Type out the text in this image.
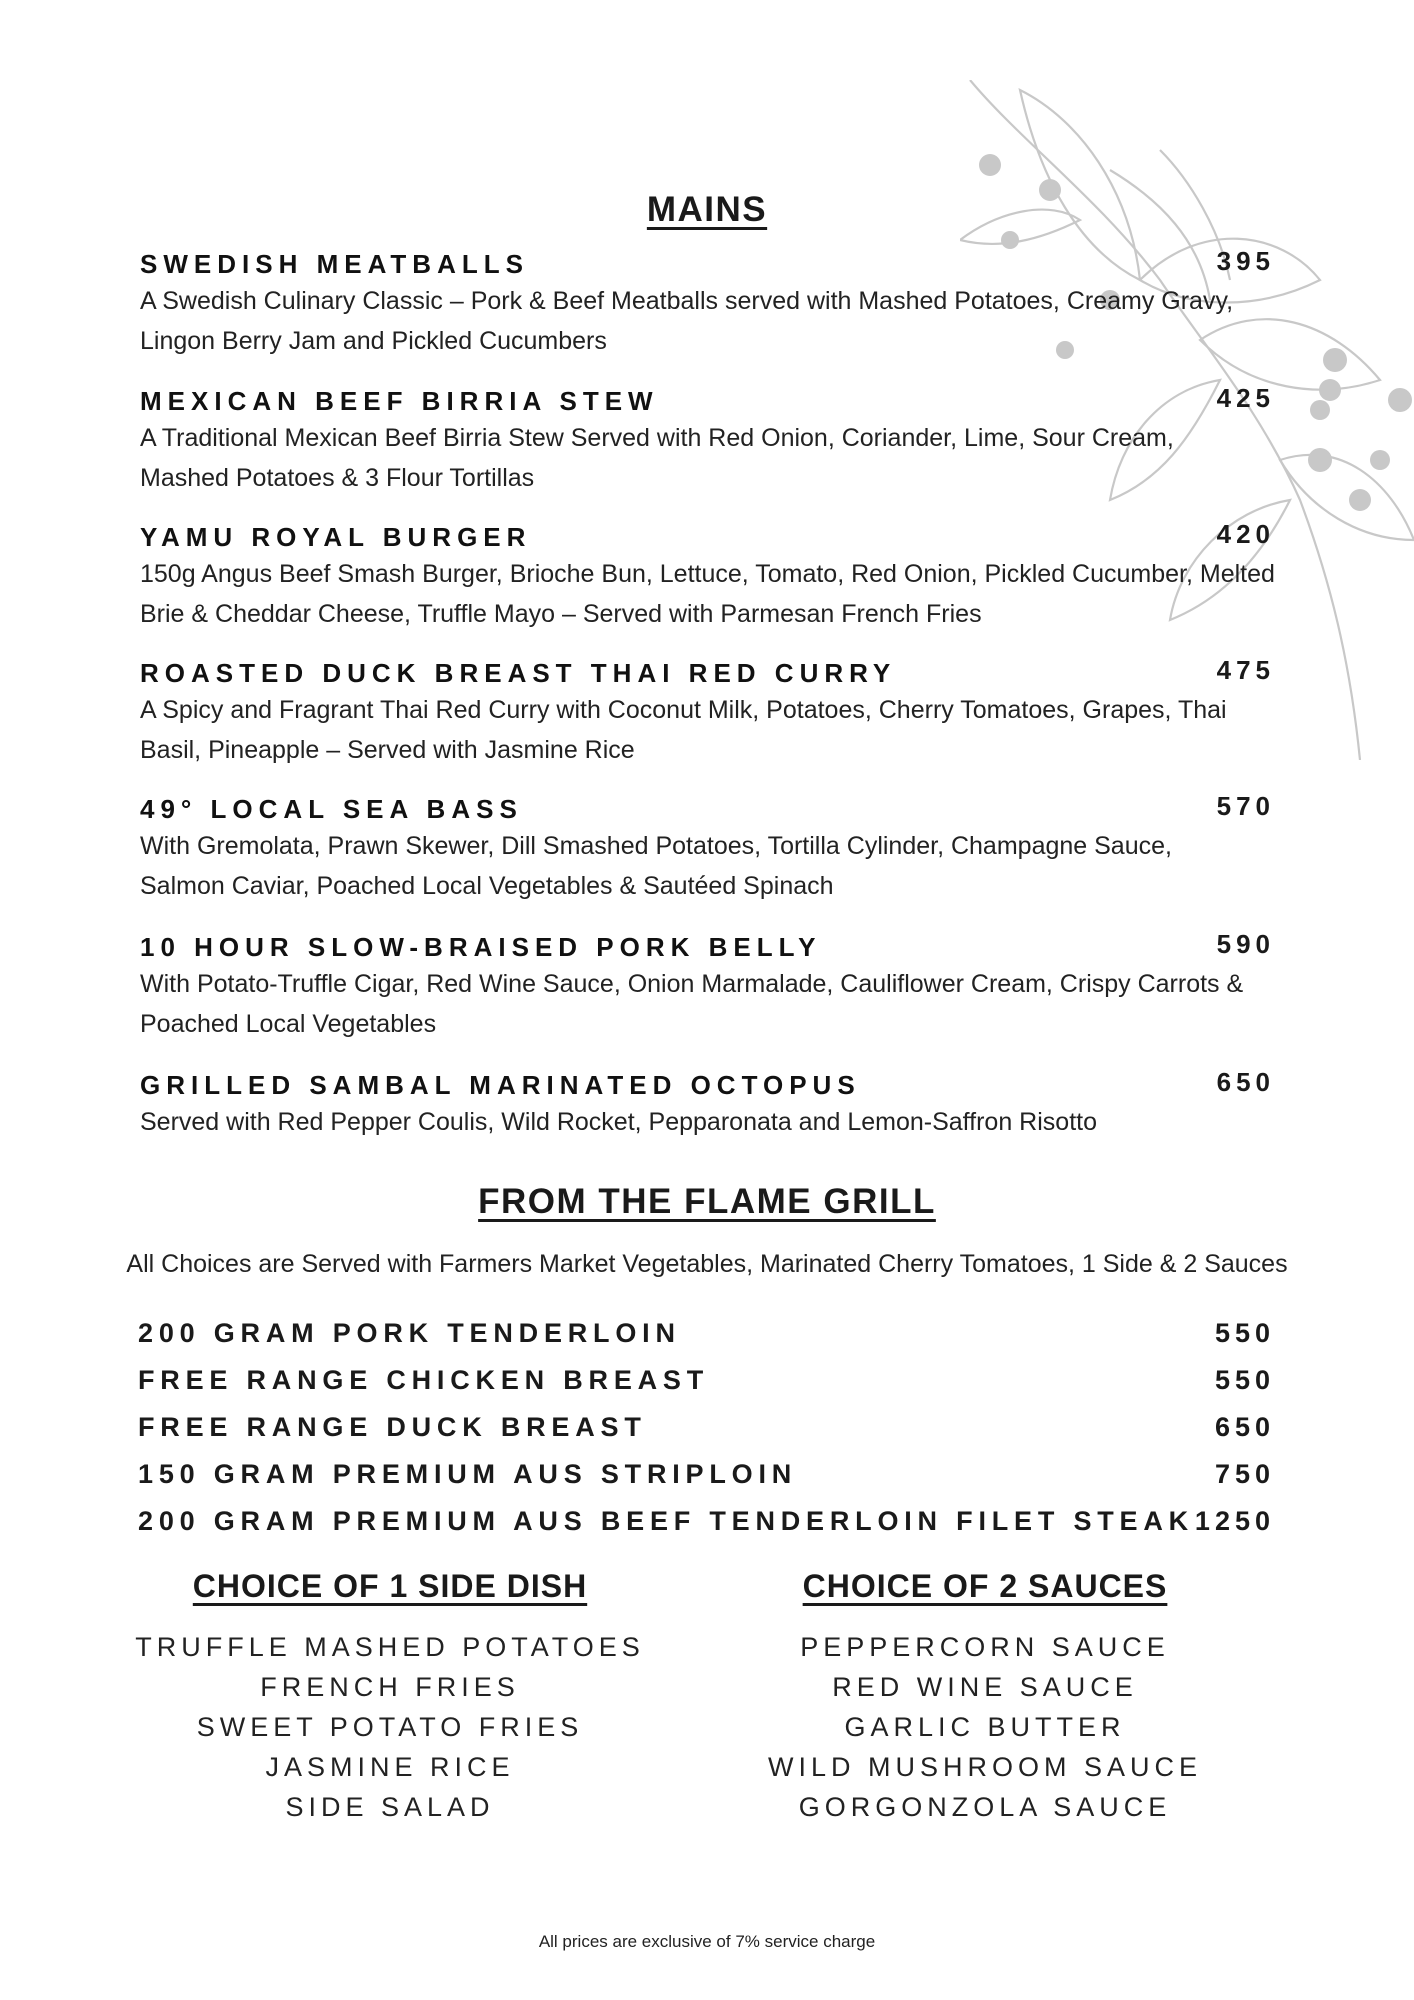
MAINS
SWEDISH MEATBALLS	395
A Swedish Culinary Classic – Pork & Beef Meatballs served with Mashed Potatoes, Creamy Gravy, Lingon Berry Jam and Pickled Cucumbers
MEXICAN BEEF BIRRIA STEW	425
A Traditional Mexican Beef Birria Stew Served with Red Onion, Coriander, Lime, Sour Cream, Mashed Potatoes & 3 Flour Tortillas
YAMU ROYAL BURGER	420
150g Angus Beef Smash Burger, Brioche Bun, Lettuce, Tomato, Red Onion, Pickled Cucumber, Melted Brie & Cheddar Cheese, Truffle Mayo – Served with Parmesan French Fries
ROASTED DUCK BREAST THAI RED CURRY	475
A Spicy and Fragrant Thai Red Curry with Coconut Milk, Potatoes, Cherry Tomatoes, Grapes, Thai Basil, Pineapple – Served with Jasmine Rice
49° LOCAL SEA BASS	570
With Gremolata, Prawn Skewer, Dill Smashed Potatoes, Tortilla Cylinder, Champagne Sauce, Salmon Caviar, Poached Local Vegetables & Sautéed Spinach
10 HOUR SLOW-BRAISED PORK BELLY	590
With Potato-Truffle Cigar, Red Wine Sauce, Onion Marmalade, Cauliflower Cream, Crispy Carrots & Poached Local Vegetables
GRILLED SAMBAL MARINATED OCTOPUS	650
Served with Red Pepper Coulis, Wild Rocket, Pepparonata and Lemon-Saffron Risotto
FROM THE FLAME GRILL
All Choices are Served with Farmers Market Vegetables, Marinated Cherry Tomatoes, 1 Side & 2 Sauces
200 GRAM PORK TENDERLOIN	550
FREE RANGE CHICKEN BREAST	550
FREE RANGE DUCK BREAST	650
150 GRAM PREMIUM AUS STRIPLOIN	750
200 GRAM PREMIUM AUS BEEF TENDERLOIN FILET STEAK 1250
CHOICE OF 1 SIDE DISH
TRUFFLE MASHED POTATOES
FRENCH FRIES
SWEET POTATO FRIES
JASMINE RICE
SIDE SALAD
CHOICE OF 2 SAUCES
PEPPERCORN SAUCE
RED WINE SAUCE
GARLIC BUTTER
WILD MUSHROOM SAUCE
GORGONZOLA SAUCE
All prices are exclusive of 7% service charge
